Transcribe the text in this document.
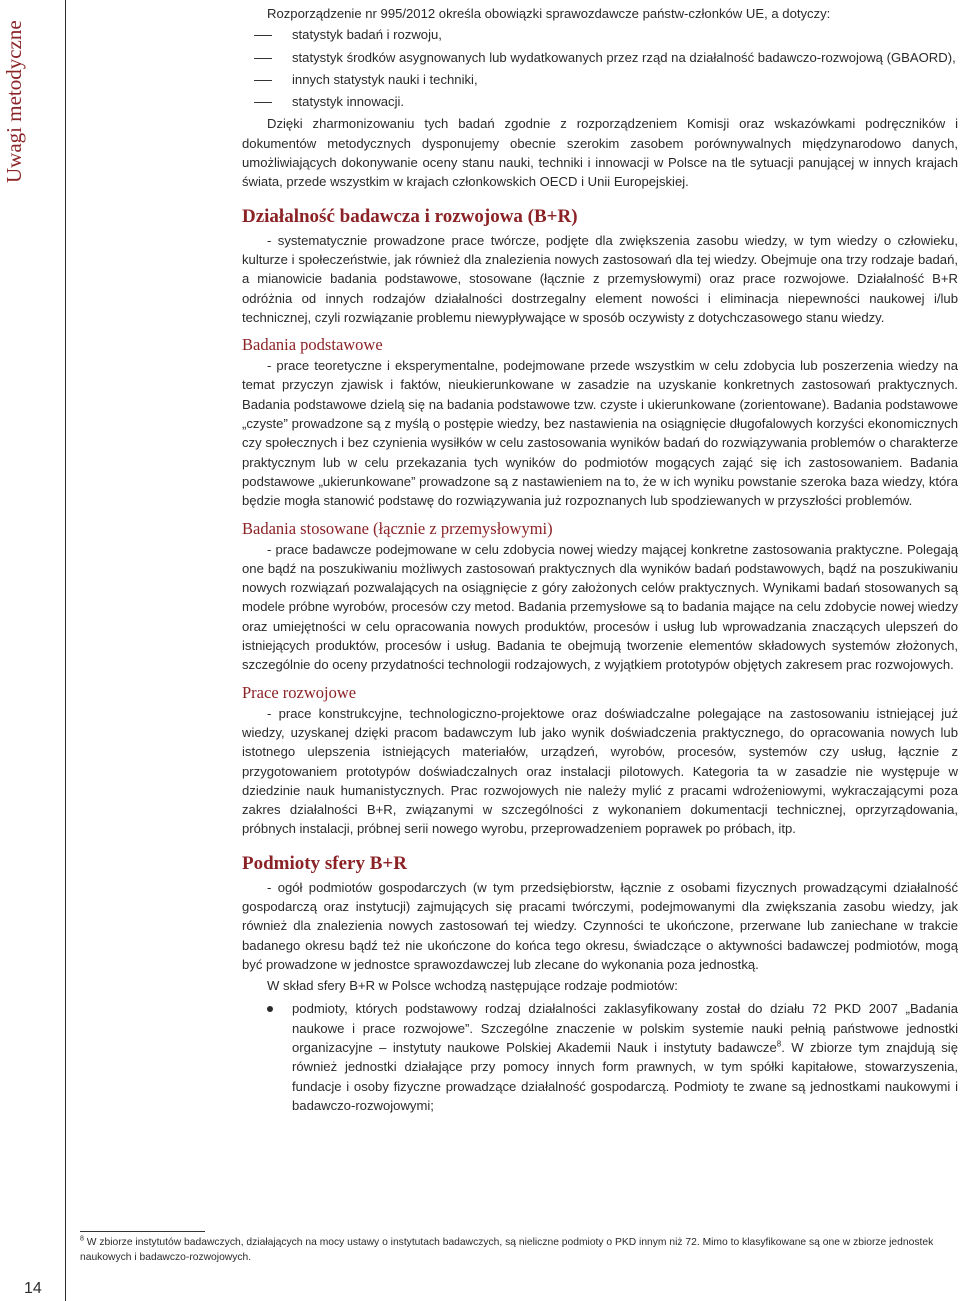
Uwagi metodyczne
14

Rozporządzenie nr 995/2012 określa obowiązki sprawozdawcze państw-członków UE, a dotyczy:

statystyk badań i rozwoju,
statystyk środków asygnowanych lub wydatkowanych przez rząd na działalność badawczo-rozwojową (GBAORD),
innych statystyk nauki i techniki,
statystyk innowacji.

Dzięki zharmonizowaniu tych badań zgodnie z rozporządzeniem Komisji oraz wskazówkami podręczników i dokumentów metodycznych dysponujemy obecnie szerokim zasobem porównywalnych międzynarodowo danych, umożliwiających dokonywanie oceny stanu nauki, techniki i innowacji w Polsce na tle sytuacji panującej w innych krajach świata, przede wszystkim w krajach członkowskich OECD i Unii Europejskiej.

Działalność badawcza i rozwojowa (B+R)

- systematycznie prowadzone prace twórcze, podjęte dla zwiększenia zasobu wiedzy, w tym wiedzy o człowieku, kulturze i społeczeństwie, jak również dla znalezienia nowych zastosowań dla tej wiedzy. Obejmuje ona trzy rodzaje badań, a mianowicie badania podstawowe, stosowane (łącznie z przemysłowymi) oraz prace rozwojowe. Działalność B+R odróżnia od innych rodzajów działalności dostrzegalny element nowości i eliminacja niepewności naukowej i/lub technicznej, czyli rozwiązanie problemu niewypływające w sposób oczywisty z dotychczasowego stanu wiedzy.

Badania podstawowe

- prace teoretyczne i eksperymentalne, podejmowane przede wszystkim w celu zdobycia lub poszerzenia wiedzy na temat przyczyn zjawisk i faktów, nieukierunkowane w zasadzie na uzyskanie konkretnych zastosowań praktycznych. Badania podstawowe dzielą się na badania podstawowe tzw. czyste i ukierunkowane (zorientowane). Badania podstawowe „czyste” prowadzone są z myślą o postępie wiedzy, bez nastawienia na osiągnięcie długofalowych korzyści ekonomicznych czy społecznych i bez czynienia wysiłków w celu zastosowania wyników badań do rozwiązywania problemów o charakterze praktycznym lub w celu przekazania tych wyników do podmiotów mogących zająć się ich zastosowaniem. Badania podstawowe „ukierunkowane” prowadzone są z nastawieniem na to, że w ich wyniku powstanie szeroka baza wiedzy, która będzie mogła stanowić podstawę do rozwiązywania już rozpoznanych lub spodziewanych w przyszłości problemów.

Badania stosowane (łącznie z przemysłowymi)

- prace badawcze podejmowane w celu zdobycia nowej wiedzy mającej konkretne zastosowania praktyczne. Polegają one bądź na poszukiwaniu możliwych zastosowań praktycznych dla wyników badań podstawowych, bądź na poszukiwaniu nowych rozwiązań pozwalających na osiągnięcie z góry założonych celów praktycznych. Wynikami badań stosowanych są modele próbne wyrobów, procesów czy metod. Badania przemysłowe są to badania mające na celu zdobycie nowej wiedzy oraz umiejętności w celu opracowania nowych produktów, procesów i usług lub wprowadzania znaczących ulepszeń do istniejących produktów, procesów i usług. Badania te obejmują tworzenie elementów składowych systemów złożonych, szczególnie do oceny przydatności technologii rodzajowych, z wyjątkiem prototypów objętych zakresem prac rozwojowych.

Prace rozwojowe

- prace konstrukcyjne, technologiczno-projektowe oraz doświadczalne polegające na zastosowaniu istniejącej już wiedzy, uzyskanej dzięki pracom badawczym lub jako wynik doświadczenia praktycznego, do opracowania nowych lub istotnego ulepszenia istniejących materiałów, urządzeń, wyrobów, procesów, systemów czy usług, łącznie z przygotowaniem prototypów doświadczalnych oraz instalacji pilotowych. Kategoria ta w zasadzie nie występuje w dziedzinie nauk humanistycznych. Prac rozwojowych nie należy mylić z pracami wdrożeniowymi, wykraczającymi poza zakres działalności B+R, związanymi w szczególności z wykonaniem dokumentacji technicznej, oprzyrządowania, próbnych instalacji, próbnej serii nowego wyrobu, przeprowadzeniem poprawek po próbach, itp.

Podmioty sfery B+R

- ogół podmiotów gospodarczych (w tym przedsiębiorstw, łącznie z osobami fizycznych prowadzącymi działalność gospodarczą oraz instytucji) zajmujących się pracami twórczymi, podejmowanymi dla zwiększania zasobu wiedzy, jak również dla znalezienia nowych zastosowań tej wiedzy. Czynności te ukończone, przerwane lub zaniechane w trakcie badanego okresu bądź też nie ukończone do końca tego okresu, świadczące o aktywności badawczej podmiotów, mogą być prowadzone w jednostce sprawozdawczej lub zlecane do wykonania poza jednostką.

W skład sfery B+R w Polsce wchodzą następujące rodzaje podmiotów:

podmioty, których podstawowy rodzaj działalności zaklasyfikowany został do działu 72 PKD 2007 „Badania naukowe i prace rozwojowe”. Szczególne znaczenie w polskim systemie nauki pełnią państwowe jednostki organizacyjne – instytuty naukowe Polskiej Akademii Nauk i instytuty badawcze$^8$. W zbiorze tym znajdują się również jednostki działające przy pomocy innych form prawnych, w tym spółki kapitałowe, stowarzyszenia, fundacje i osoby fizyczne prowadzące działalność gospodarczą. Podmioty te zwane są jednostkami naukowymi i badawczo-rozwojowymi;
$^8$ W zbiorze instytutów badawczych, działających na mocy ustawy o instytutach badawczych, są nieliczne podmioty o PKD innym niż 72. Mimo to klasyfikowane są one w zbiorze jednostek naukowych i badawczo-rozwojowych.
